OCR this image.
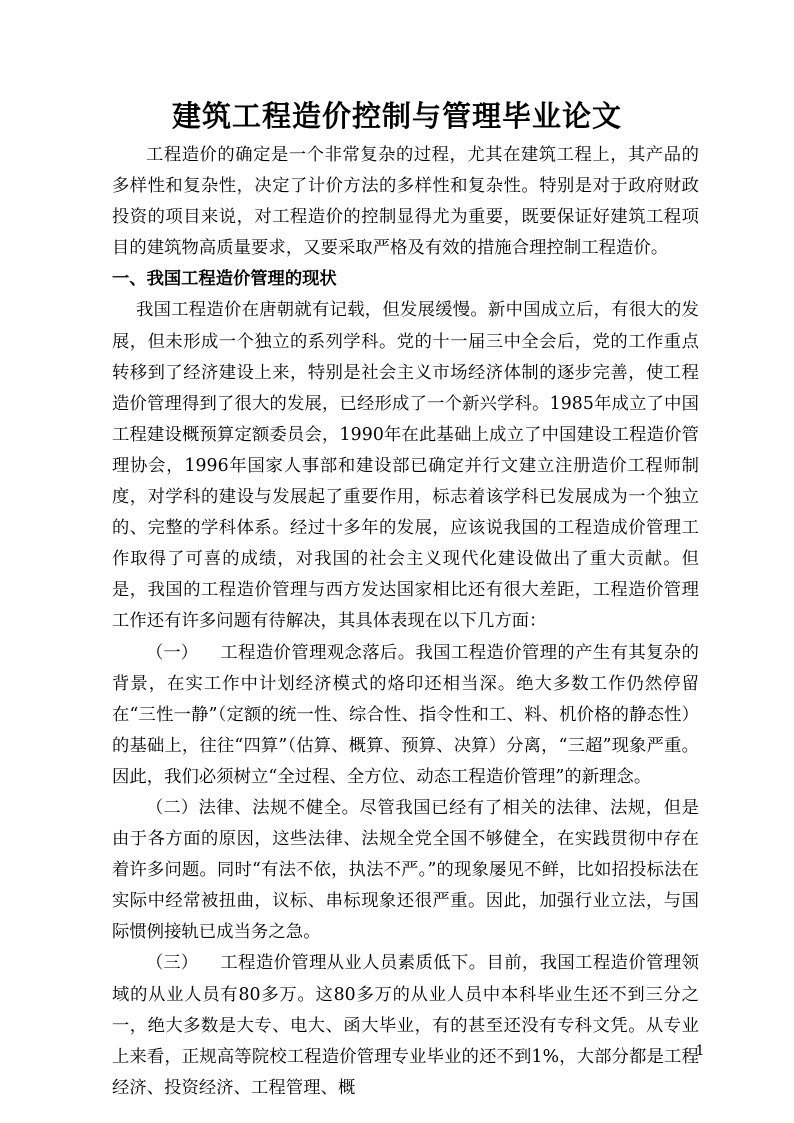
建筑工程造价控制与管理毕业论文

工程造价的确定是一个非常复杂的过程，尤其在建筑工程上，其产品的多样性和复杂性，决定了计价方法的多样性和复杂性。特别是对于政府财政投资的项目来说，对工程造价的控制显得尤为重要，既要保证好建筑工程项目的建筑物高质量要求，又要采取严格及有效的措施合理控制工程造价。

一、我国工程造价管理的现状

我国工程造价在唐朝就有记载，但发展缓慢。新中国成立后，有很大的发展，但未形成一个独立的系列学科。党的十一届三中全会后，党的工作重点转移到了经济建设上来，特别是社会主义市场经济体制的逐步完善，使工程造价管理得到了很大的发展，已经形成了一个新兴学科。1985年成立了中国工程建设概预算定额委员会，1990年在此基础上成立了中国建设工程造价管理协会，1996年国家人事部和建设部已确定并行文建立注册造价工程师制度，对学科的建设与发展起了重要作用，标志着该学科已发展成为一个独立的、完整的学科体系。经过十多年的发展，应该说我国的工程造成价管理工作取得了可喜的成绩，对我国的社会主义现代化建设做出了重大贡献。但是，我国的工程造价管理与西方发达国家相比还有很大差距，工程造价管理工作还有许多问题有待解决，其具体表现在以下几方面：

（一） 工程造价管理观念落后。我国工程造价管理的产生有其复杂的背景，在实工作中计划经济模式的烙印还相当深。绝大多数工作仍然停留在“三性一静”（定额的统一性、综合性、指令性和工、料、机价格的静态性）的基础上，往往“四算”（估算、概算、预算、决算）分离，“三超”现象严重。因此，我们必须树立“全过程、全方位、动态工程造价管理”的新理念。

（二）法律、法规不健全。尽管我国已经有了相关的法律、法规，但是由于各方面的原因，这些法律、法规全党全国不够健全，在实践贯彻中存在着许多问题。同时“有法不依，执法不严。”的现象屡见不鲜，比如招投标法在实际中经常被扭曲，议标、串标现象还很严重。因此，加强行业立法，与国际惯例接轨已成当务之急。

（三） 工程造价管理从业人员素质低下。目前，我国工程造价管理领域的从业人员有80多万。这80多万的从业人员中本科毕业生还不到三分之一，绝大多数是大专、电大、函大毕业，有的甚至还没有专科文凭。从专业上来看，正规高等院校工程造价管理专业毕业的还不到1%，大部分都是工程经济、投资经济、工程管理、概

1
